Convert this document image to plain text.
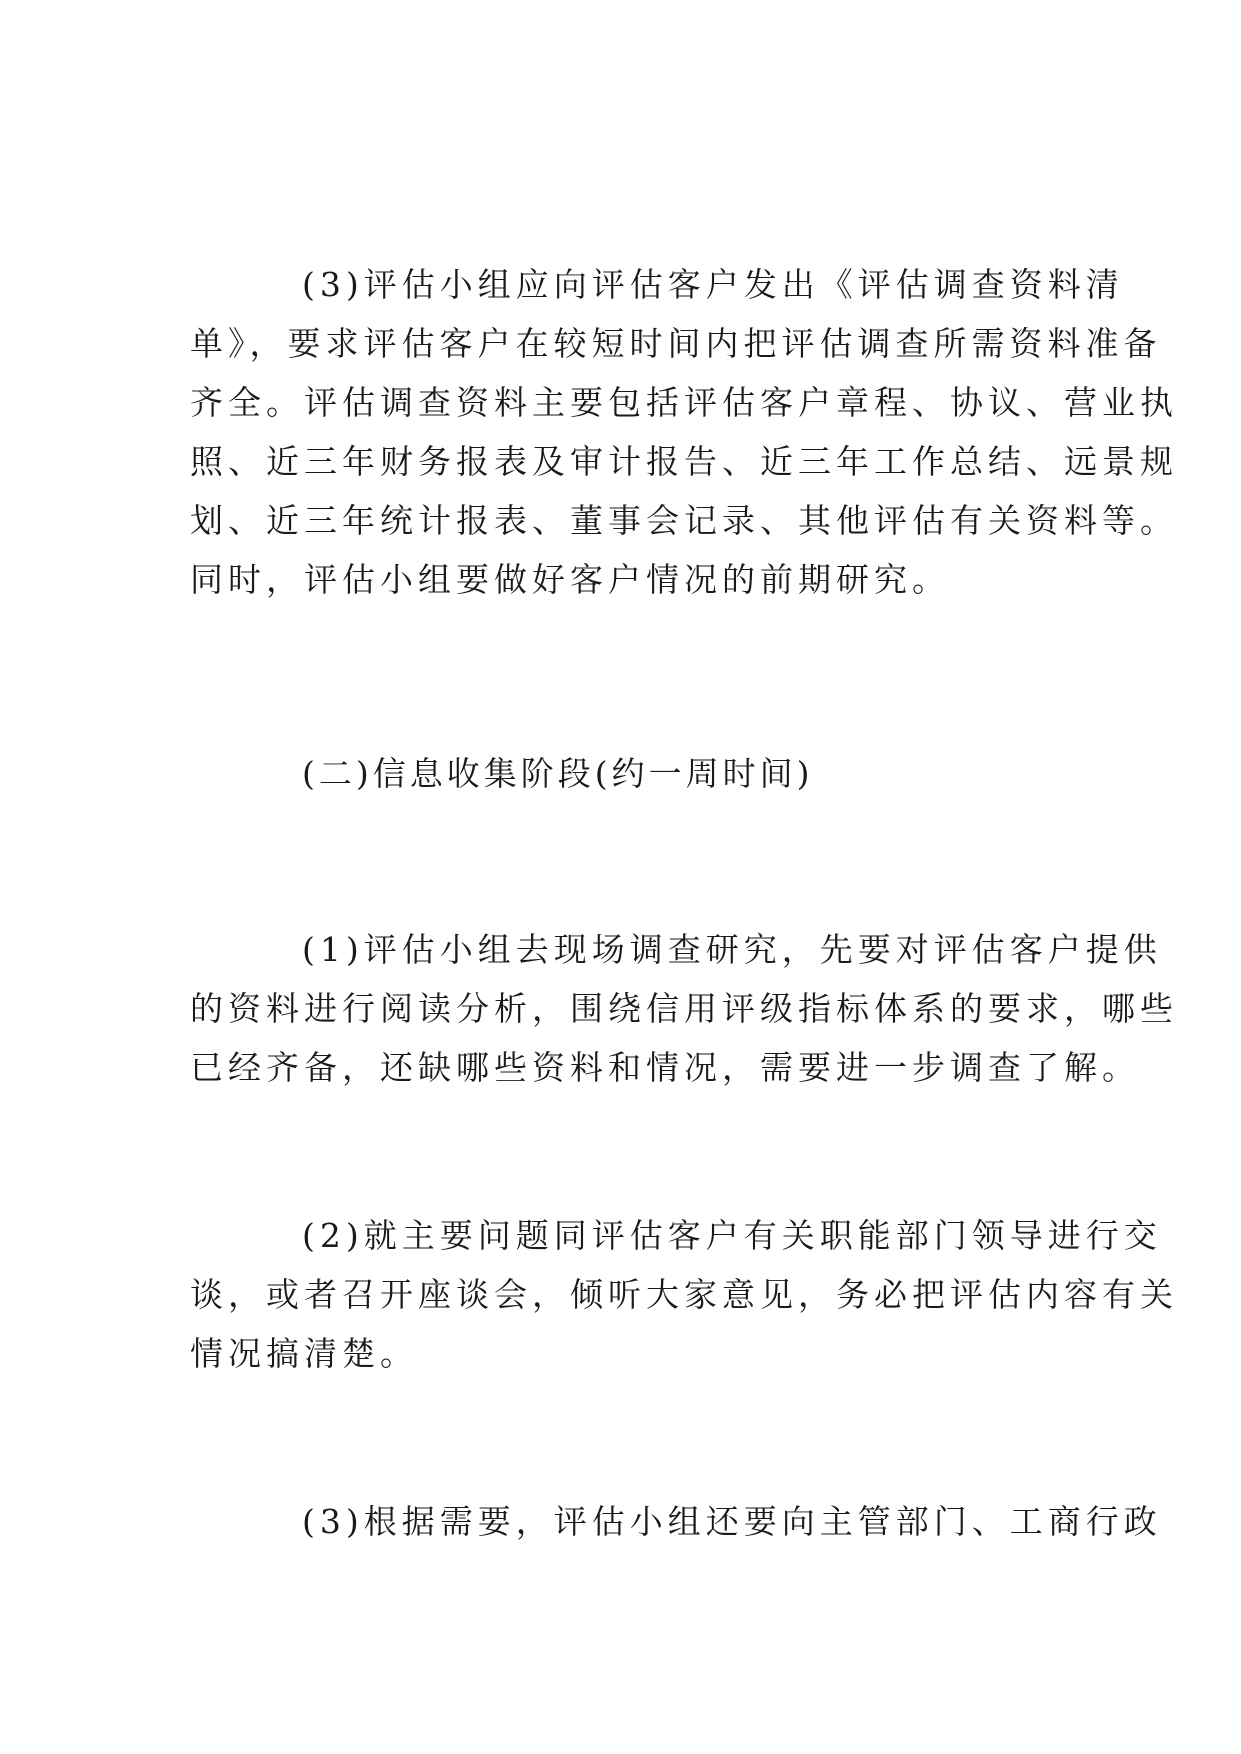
(3)评估小组应向评估客户发出《评估调查资料清
单》，要求评估客户在较短时间内把评估调查所需资料准备
齐全。评估调查资料主要包括评估客户章程、协议、营业执
照、近三年财务报表及审计报告、近三年工作总结、远景规
划、近三年统计报表、董事会记录、其他评估有关资料等。
同时，评估小组要做好客户情况的前期研究。

(二)信息收集阶段(约一周时间)

(1)评估小组去现场调查研究，先要对评估客户提供
的资料进行阅读分析，围绕信用评级指标体系的要求，哪些
已经齐备，还缺哪些资料和情况，需要进一步调查了解。

(2)就主要问题同评估客户有关职能部门领导进行交
谈，或者召开座谈会，倾听大家意见，务必把评估内容有关
情况搞清楚。

(3)根据需要，评估小组还要向主管部门、工商行政
